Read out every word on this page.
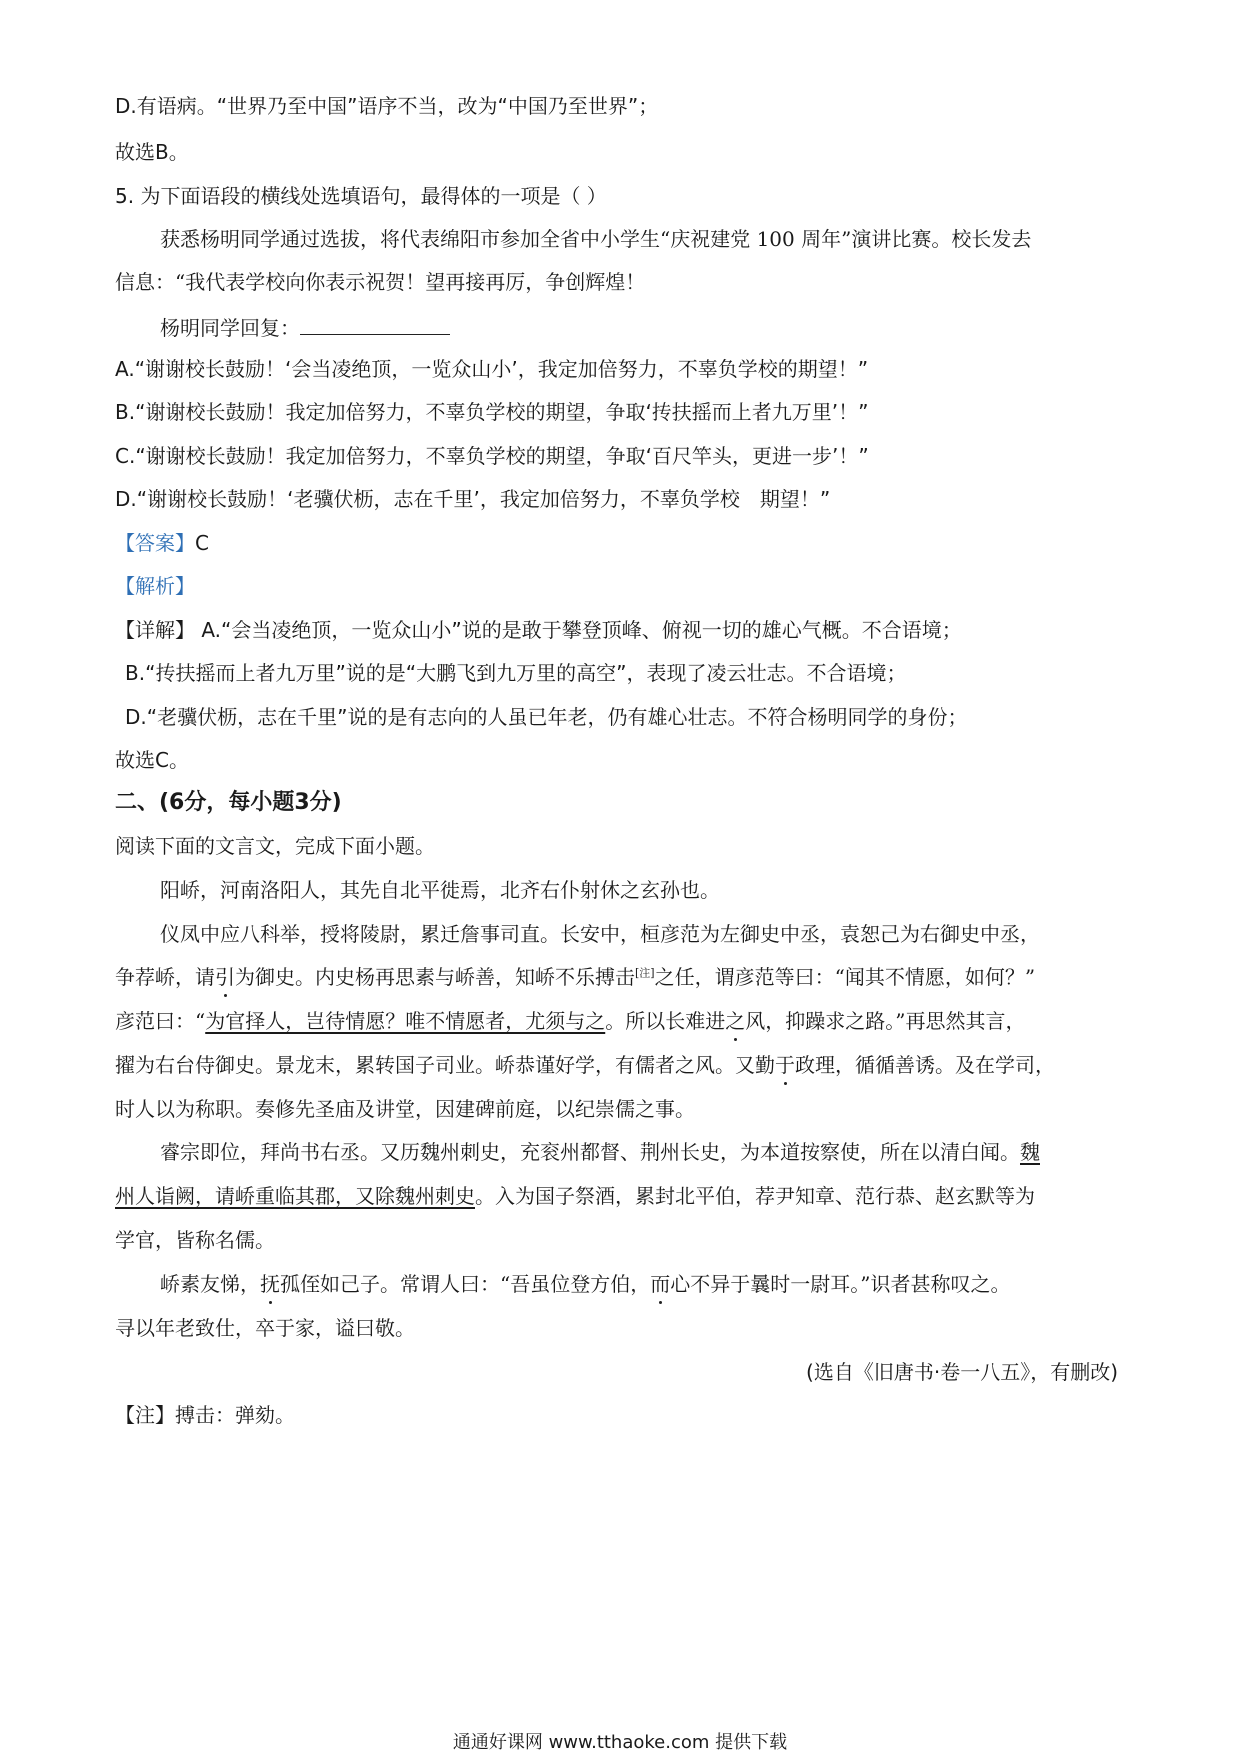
D.有语病。“世界乃至中国”语序不当，改为“中国乃至世界”；
故选B。
5. 为下面语段的横线处选填语句，最得体的一项是（ ）
获悉杨明同学通过选拔，将代表绵阳市参加全省中小学生“庆祝建党 100 周年”演讲比赛。校长发去
信息：“我代表学校向你表示祝贺！望再接再厉，争创辉煌！
杨明同学回复：
A.“谢谢校长鼓励！‘会当凌绝顶，一览众山小’，我定加倍努力，不辜负学校的期望！”
B.“谢谢校长鼓励！我定加倍努力，不辜负学校的期望，争取‘抟扶摇而上者九万里’！”
C.“谢谢校长鼓励！我定加倍努力，不辜负学校的期望，争取‘百尺竿头，更进一步’！”
D.“谢谢校长鼓励！‘老骥伏枥，志在千里’，我定加倍努力，不辜负学校　期望！”
【答案】C
【解析】
【详解】 A.“会当凌绝顶，一览众山小”说的是敢于攀登顶峰、俯视一切的雄心气概。不合语境；
B.“抟扶摇而上者九万里”说的是“大鹏飞到九万里的高空”，表现了凌云壮志。不合语境；
D.“老骥伏枥，志在千里”说的是有志向的人虽已年老，仍有雄心壮志。不符合杨明同学的身份；
故选C。
二、(6分，每小题3分)
阅读下面的文言文，完成下面小题。
阳峤，河南洛阳人，其先自北平徙焉，北齐右仆射休之玄孙也。
仪凤中应八科举，授将陵尉，累迁詹事司直。长安中，桓彦范为左御史中丞，袁恕己为右御史中丞，
争荐峤，请引为御史。内史杨再思素与峤善，知峤不乐搏击[注]之任，谓彦范等曰：“闻其不情愿，如何？”
彦范曰：“为官择人，岂待情愿？唯不情愿者，尤须与之。所以长难进之风，抑躁求之路。”再思然其言，
擢为右台侍御史。景龙末，累转国子司业。峤恭谨好学，有儒者之风。又勤于政理，循循善诱。及在学司，
时人以为称职。奏修先圣庙及讲堂，因建碑前庭，以纪崇儒之事。
睿宗即位，拜尚书右丞。又历魏州刺史，充衮州都督、荆州长史，为本道按察使，所在以清白闻。魏
州人诣阙，请峤重临其郡，又除魏州刺史。入为国子祭酒，累封北平伯，荐尹知章、范行恭、赵玄默等为
学官，皆称名儒。
峤素友悌，抚孤侄如己子。常谓人曰：“吾虽位登方伯，而心不异于曩时一尉耳。”识者甚称叹之。
寻以年老致仕，卒于家，谥曰敬。
(选自《旧唐书·卷一八五》，有删改)
【注】搏击：弹劾。
通通好课网 www.tthaoke.com 提供下载
